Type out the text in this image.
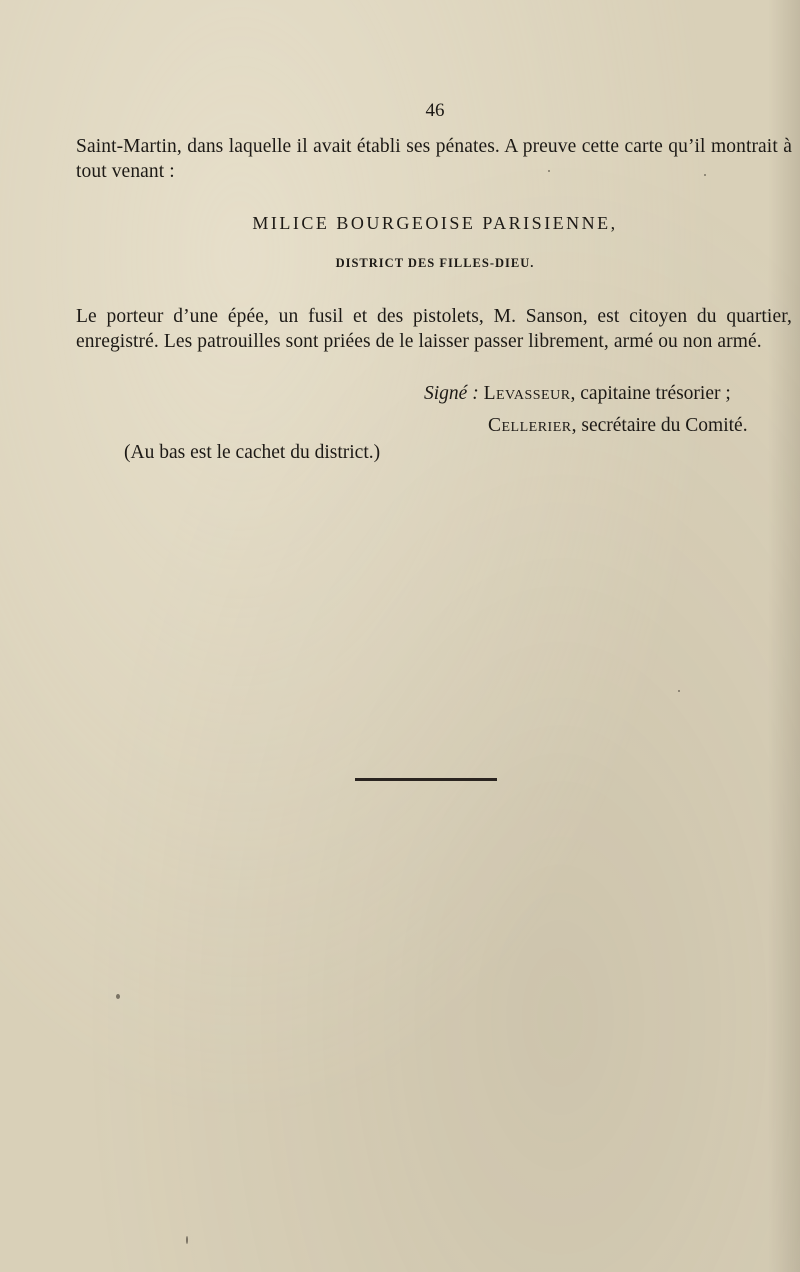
46
Saint-Martin, dans laquelle il avait établi ses pénates. A preuve cette carte qu’il montrait à tout venant :
MILICE BOURGEOISE PARISIENNE,
DISTRICT DES FILLES-DIEU.
Le porteur d’une épée, un fusil et des pistolets, M. Sanson, est citoyen du quartier, enregistré. Les patrouilles sont priées de le laisser passer librement, armé ou non armé.
Signé : Levasseur, capitaine trésorier ;
Cellerier, secrétaire du Comité.
(Au bas est le cachet du district.)
